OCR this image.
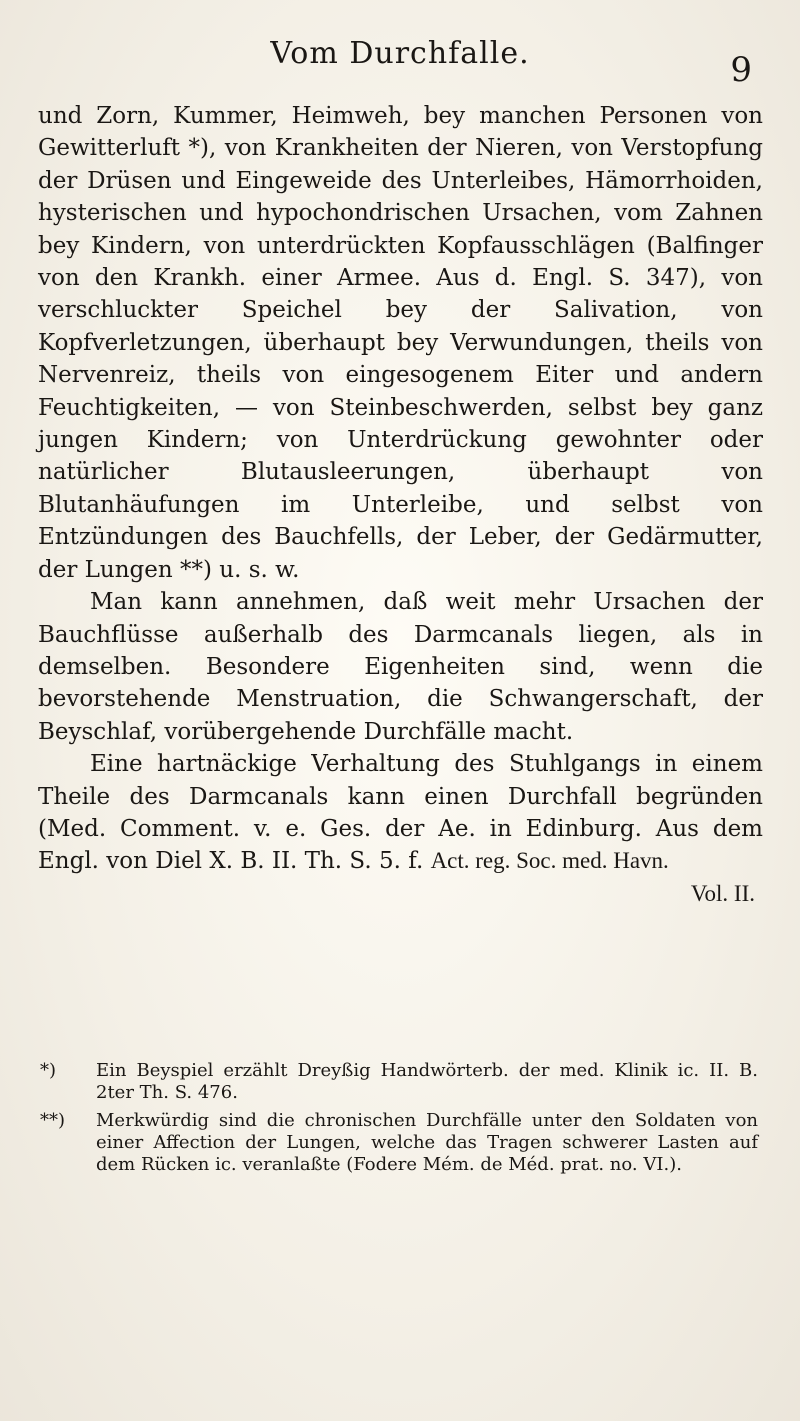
Vom Durchfalle.	9

und Zorn, Kummer, Heimweh, bey manchen Personen von Gewitterluft *), von Krankheiten der Nieren, von Verstopfung der Drüsen und Eingeweide des Unterleibes, Hämorrhoiden, hysterischen und hypochondrischen Ursachen, vom Zahnen bey Kindern, von unterdrückten Kopfausschlägen (Balfinger von den Krankh. einer Armee. Aus d. Engl. S. 347), von verschluckter Speichel bey der Salivation, von Kopfverletzungen, überhaupt bey Verwundungen, theils von Nervenreiz, theils von eingesogenem Eiter und andern Feuchtigkeiten, — von Steinbeschwerden, selbst bey ganz jungen Kindern; von Unterdrückung gewohnter oder natürlicher Blutausleerungen, überhaupt von Blutanhäufungen im Unterleibe, und selbst von Entzündungen des Bauchfells, der Leber, der Gedärmutter, der Lungen **) u. s. w.

Man kann annehmen, daß weit mehr Ursachen der Bauchflüsse außerhalb des Darmcanals liegen, als in demselben. Besondere Eigenheiten sind, wenn die bevorstehende Menstruation, die Schwangerschaft, der Beyschlaf, vorübergehende Durchfälle macht.

Eine hartnäckige Verhaltung des Stuhlgangs in einem Theile des Darmcanals kann einen Durchfall begründen (Med. Comment. v. e. Ges. der Ae. in Edinburg. Aus dem Engl. von Diel X. B. II. Th. S. 5. f. Act. reg. Soc. med. Havn.

Vol. II.

*) Ein Beyspiel erzählt Dreyßig Handwörterb. der med. Klinik ic. II. B. 2ter Th. S. 476.

**) Merkwürdig sind die chronischen Durchfälle unter den Soldaten von einer Affection der Lungen, welche das Tragen schwerer Lasten auf dem Rücken ic. veranlaßte (Fodere Mém. de Méd. prat. no. VI.).
